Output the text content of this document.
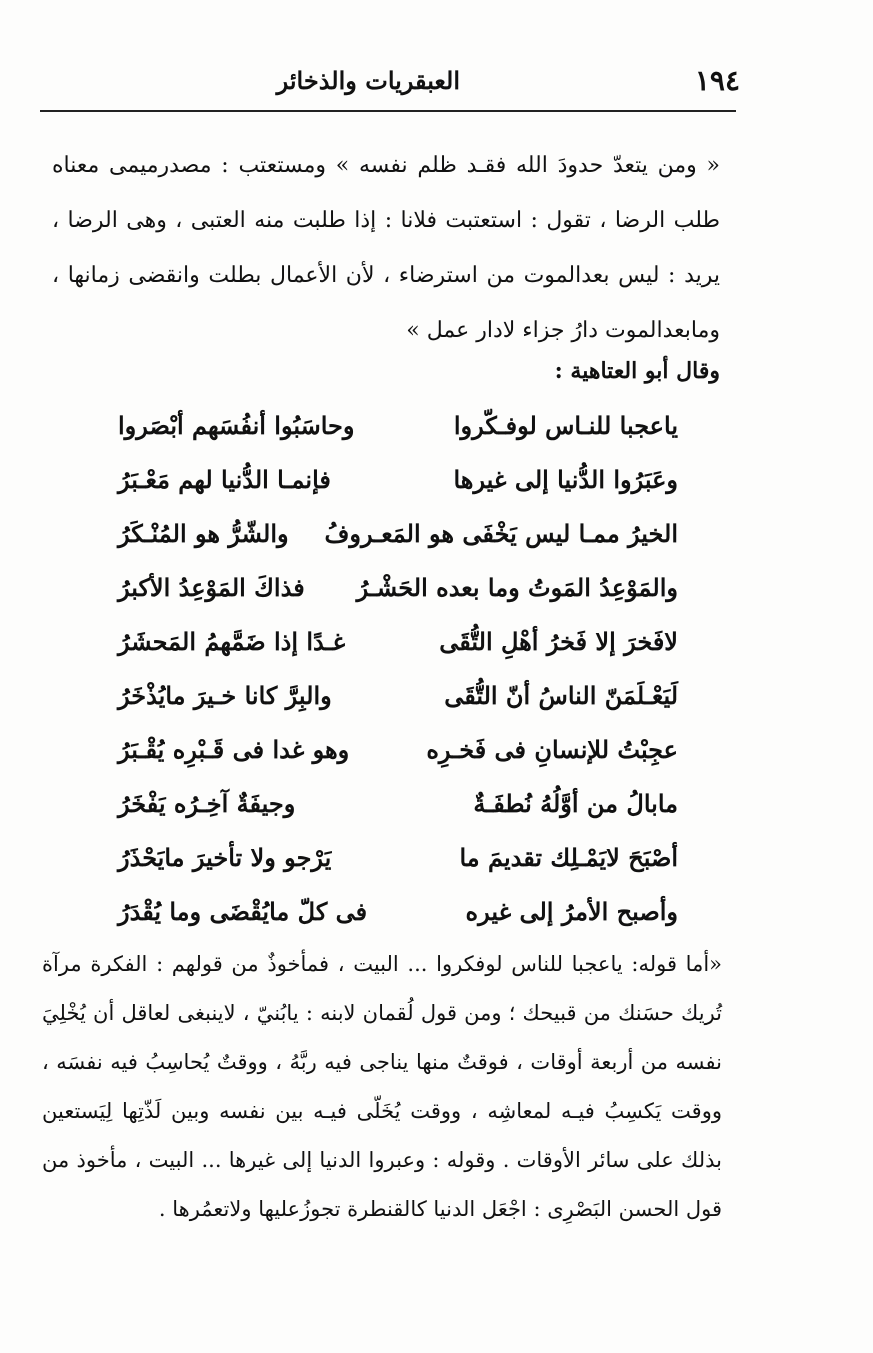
١٩٤
العبقريات والذخائر

« ومن يتعدّ حدودَ الله فقـد ظلم نفسه » ومستعتب : مصدرميمى معناه طلب الرضا ، تقول : استعتبت فلانا : إذا طلبت منه العتبى ، وهى الرضا ، يريد : ليس بعدالموت من استرضاء ، لأن الأعمال بطلت وانقضى زمانها ، ومابعدالموت دارُ جزاء لادار عمل »

وقال أبو العتاهية :
ياعجبا للنـاس لوفـكّروا
وحاسَبُوا أنفُسَهم أبْصَروا
وعَبَرُوا الدُّنيا إلى غيرها
فإنمـا الدُّنيا لهم مَعْـبَرُ
الخيرُ ممـا ليس يَخْفَى هو المَعـروفُ
والشّرُّ هو المُنْـكَرُ
والمَوْعِدُ المَوتُ وما بعده الحَشْـرُ
فذاكَ المَوْعِدُ الأكبرُ
لافَخرَ إلا فَخرُ أهْلِ التُّقَى
غـدًا إذا ضَمَّهمُ المَحشَرُ
لَيَعْـلَمَنّ الناسُ أنّ التُّقَى
والبِرَّ كانا خـيرَ مايُذْخَرُ
عجِبْتُ للإنسانِ فى فَخـرِه
وهو غدا فى قَـبْرِه يُقْـبَرُ
مابالُ من أوَّلُهُ نُطفَـةٌ
وجيفَةٌ آخِـرُه يَفْخَرُ
أصْبَحَ لايَمْـلِك تقديمَ ما
يَرْجو ولا تأخيرَ مايَحْذَرُ
وأصبح الأمرُ إلى غيره
فى كلّ مايُقْضَى وما يُقْدَرُ

«أما قوله: ياعجبا للناس لوفكروا ... البيت ، فمأخوذٌ من قولهم : الفكرة مرآة تُريك حسَنك من قبيحك ؛ ومن قول لُقمان لابنه : يابُنيّ ، لاينبغى لعاقل أن يُخْلِيَ نفسه من أربعة أوقات ، فوقتٌ منها يناجى فيه ربَّهُ ، ووقتٌ يُحاسِبُ فيه نفسَه ، ووقت يَكسِبُ فيـه لمعاشِه ، ووقت يُخَلّى فيـه بين نفسه وبين لَذّتِها لِيَستعين بذلك على سائر الأوقات . وقوله : وعبروا الدنيا إلى غيرها ... البيت ، مأخوذ من قول الحسن البَصْرِى : اجْعَل الدنيا كالقنطرة تجوزُعليها ولاتعمُرها .
